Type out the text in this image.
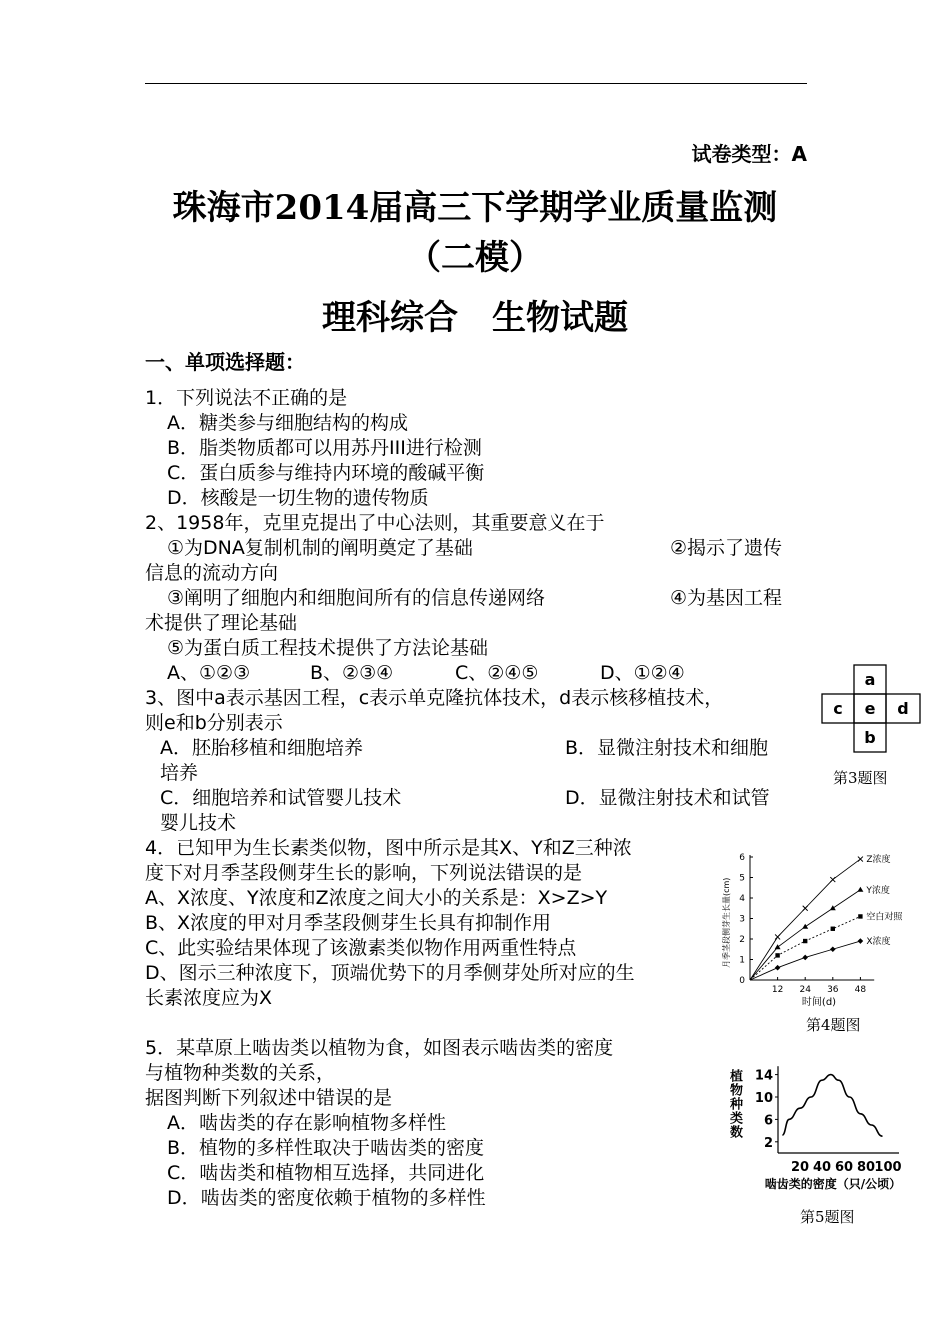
试卷类型：A
珠海市2014届高三下学期学业质量监测
（二模）
理科综合　生物试题
一、单项选择题：
1．下列说法不正确的是
A．糖类参与细胞结构的构成
B．脂类物质都可以用苏丹III进行检测
C．蛋白质参与维持内环境的酸碱平衡
D．核酸是一切生物的遗传物质
2、1958年，克里克提出了中心法则，其重要意义在于
①为DNA复制机制的阐明奠定了基础	②揭示了遗传
信息的流动方向
③阐明了细胞内和细胞间所有的信息传递网络	④为基因工程
术提供了理论基础
⑤为蛋白质工程技术提供了方法论基础
A、①②③	B、②③④	C、②④⑤	D、①②④
3、图中a表示基因工程，c表示单克隆抗体技术，d表示核移植技术，
则e和b分别表示
A．胚胎移植和细胞培养	B．显微注射技术和细胞
培养
C．细胞培养和试管婴儿技术	D．显微注射技术和试管
婴儿技术
4．已知甲为生长素类似物，图中所示是其X、Y和Z三种浓
度下对月季茎段侧芽生长的影响，下列说法错误的是
A、X浓度、Y浓度和Z浓度之间大小的关系是：X>Z>Y
B、X浓度的甲对月季茎段侧芽生长具有抑制作用
C、此实验结果体现了该激素类似物作用两重性特点
D、图示三种浓度下，顶端优势下的月季侧芽处所对应的生
长素浓度应为X
5．某草原上啮齿类以植物为食，如图表示啮齿类的密度
与植物种类数的关系，
据图判断下列叙述中错误的是
A．啮齿类的存在影响植物多样性
B．植物的多样性取决于啮齿类的密度
C．啮齿类和植物相互选择，共同进化
D．啮齿类的密度依赖于植物的多样性
a
c e d
b
第3题图
0
1
2
3
4
5
6
12 24 36 48
时间(d)
月季茎段侧芽生长量(cm)
Z浓度
Y浓度
空白对照
X浓度
第4题图
2
6
10
14
20 40 60 80 100
啮齿类的密度（只/公顷）
植物种类数
第5题图
